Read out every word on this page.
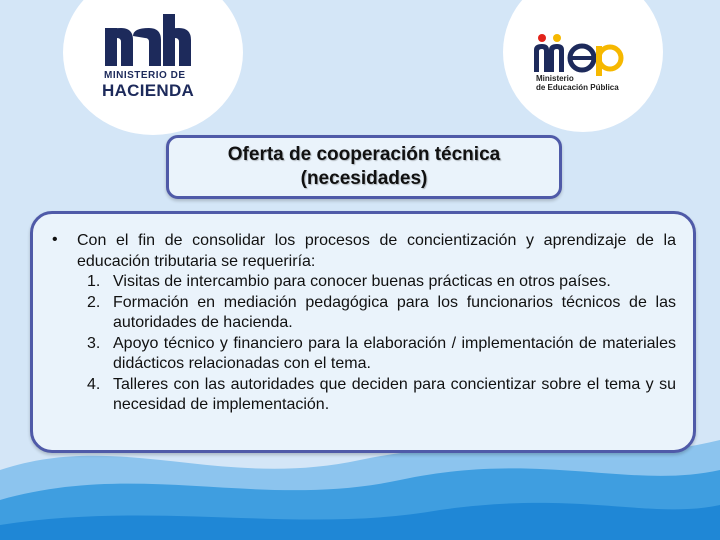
MINISTERIO DE
HACIENDA
Ministerio
de Educación Pública
Oferta de cooperación técnica
(necesidades)
• Con el fin de consolidar los procesos de concientización y aprendizaje de la educación tributaria se requeriría:
1. Visitas de intercambio para conocer buenas prácticas en otros países.
2. Formación en mediación pedagógica para los funcionarios técnicos de las autoridades de hacienda.
3. Apoyo técnico y financiero para la elaboración / implementación de materiales didácticos relacionadas con el tema.
4. Talleres con las autoridades que deciden para concientizar sobre el tema y su necesidad de implementación.
